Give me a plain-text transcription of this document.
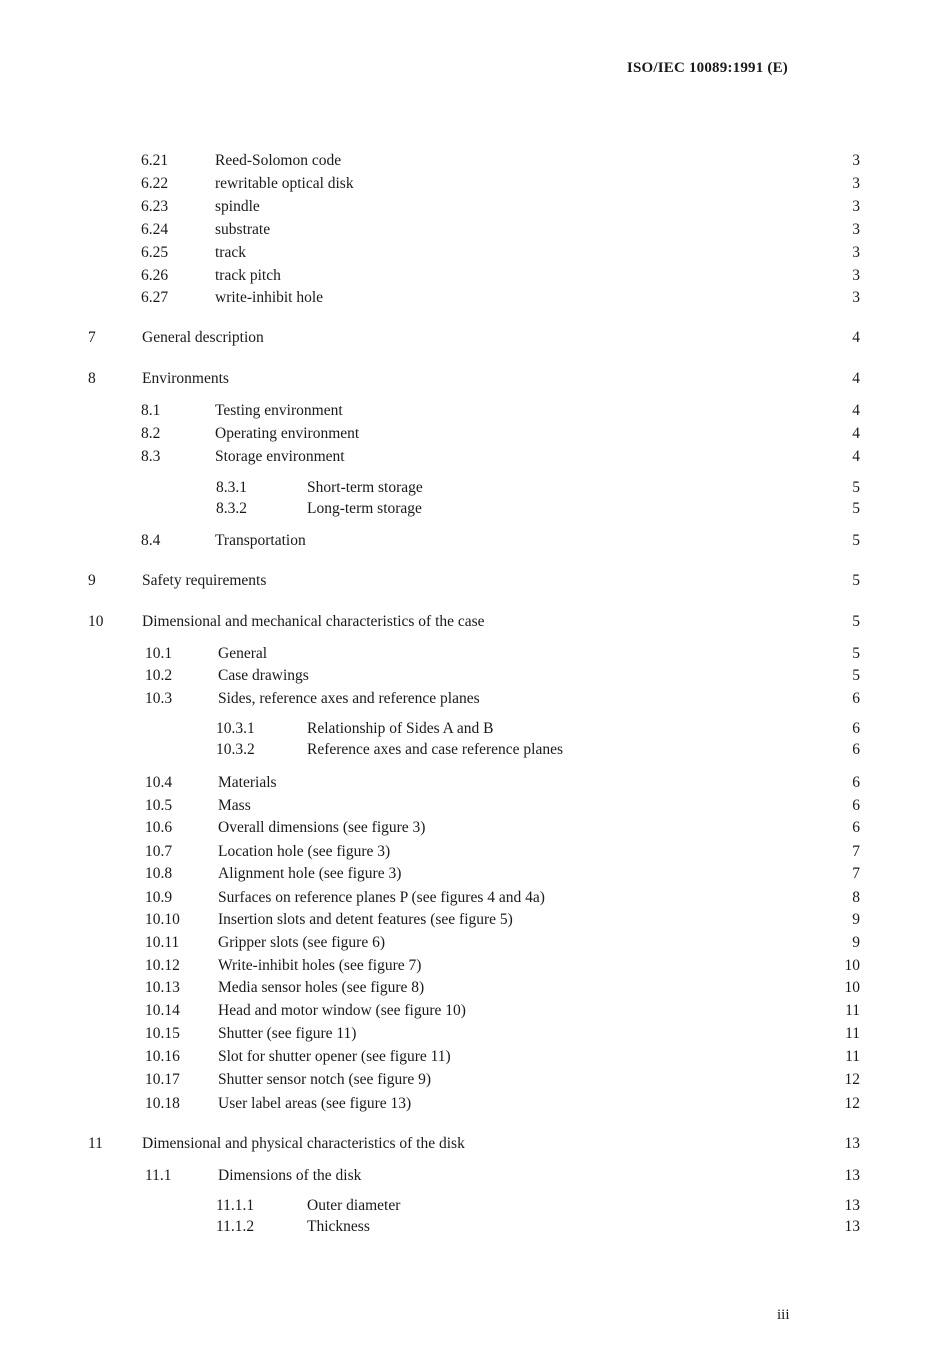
ISO/IEC 10089:1991 (E)
6.21	Reed-Solomon code	3
6.22	rewritable optical disk	3
6.23	spindle	3
6.24	substrate	3
6.25	track	3
6.26	track pitch	3
6.27	write-inhibit hole	3
7	General description	4
8	Environments	4
8.1	Testing environment	4
8.2	Operating environment	4
8.3	Storage environment	4
8.3.1	Short-term storage	5
8.3.2	Long-term storage	5
8.4	Transportation	5
9	Safety requirements	5
10 Dimensional and mechanical characteristics of the case	5
10.1	General	5
10.2	Case drawings	5
10.3	Sides, reference axes and reference planes	6
10.3.1	Relationship of Sides A and B	6
10.3.2	Reference axes and case reference planes	6
10.4	Materials	6
10.5	Mass	6
10.6	Overall dimensions (see figure 3)	6
10.7	Location hole (see figure 3)	7
10.8	Alignment hole (see figure 3)	7
10.9	Surfaces on reference planes P (see figures 4 and 4a)	8
10.10 Insertion slots and detent features (see figure 5)	9
10.11 Gripper slots (see figure 6)	9
10.12 Write-inhibit holes (see figure 7)	10
10.13 Media sensor holes (see figure 8)	10
10.14 Head and motor window (see figure 10)	11
10.15 Shutter (see figure 11)	11
10.16 Slot for shutter opener (see figure 11)	11
10.17 Shutter sensor notch (see figure 9)	12
10.18 User label areas (see figure 13)	12
11	Dimensional and physical characteristics of the disk	13
11.1	Dimensions of the disk	13
11.1.1	Outer diameter	13
11.1.2	Thickness	13
iii
